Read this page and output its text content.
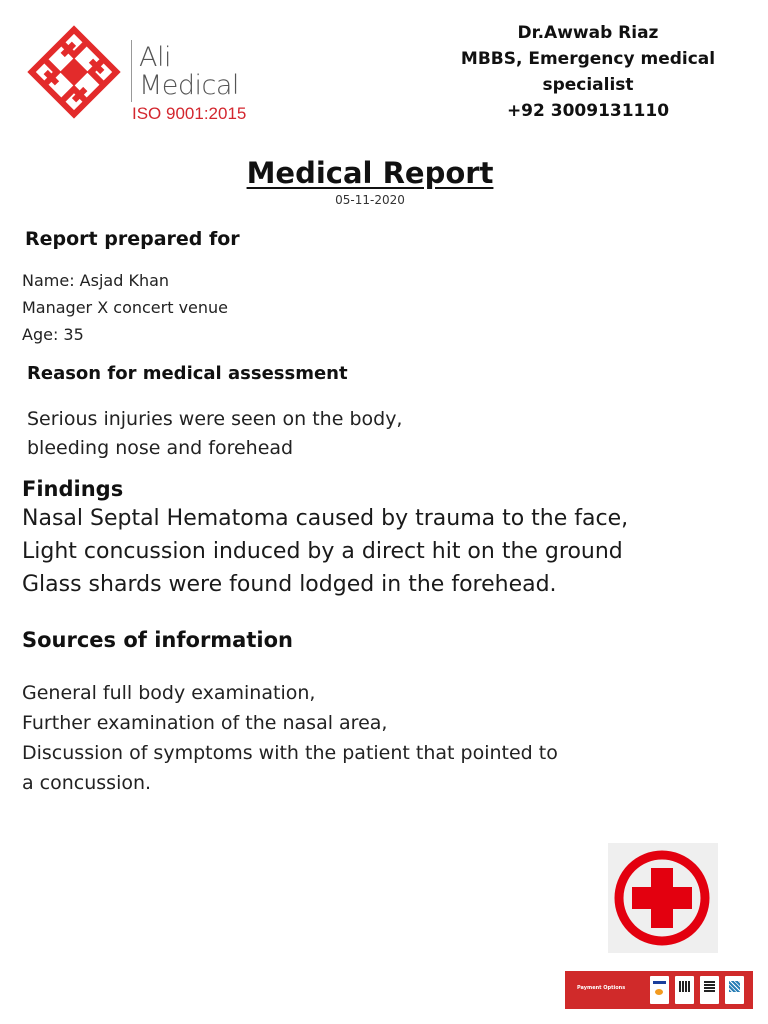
Ali
Medical
ISO 9001:2015
Dr.Awwab Riaz
MBBS, Emergency medical
specialist
+92 3009131110
Medical Report
05-11-2020
Report prepared for
Name: Asjad Khan
Manager X concert venue
Age: 35
Reason for medical assessment
Serious injuries were seen on the body,
bleeding nose and forehead
Findings
Nasal Septal Hematoma caused by trauma to the face,
Light concussion induced by a direct hit on the ground
Glass shards were found lodged in the forehead.
Sources of information
General full body examination,
Further examination of the nasal area,
Discussion of symptoms with the patient that pointed to
a concussion.
Payment Options
